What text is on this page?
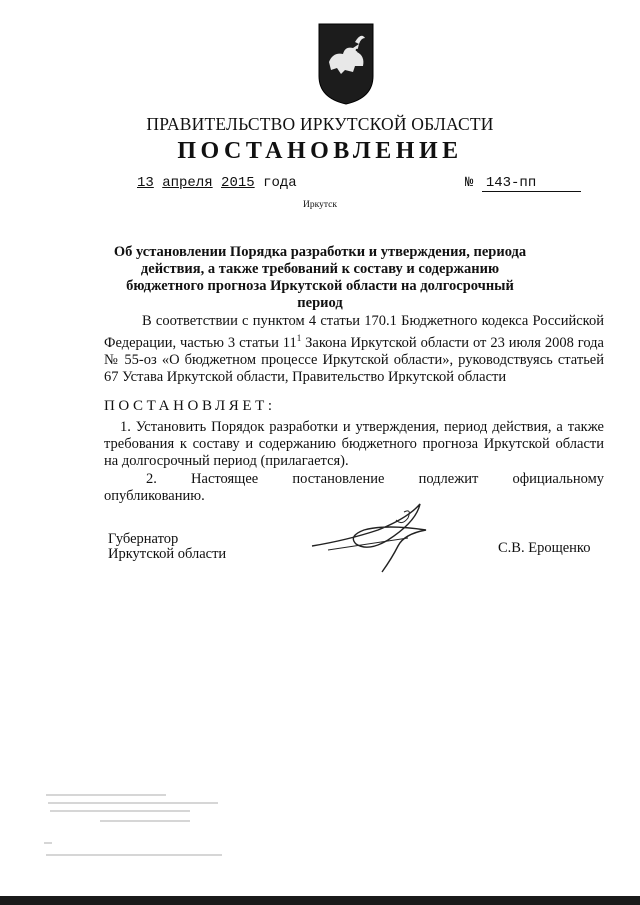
ПРАВИТЕЛЬСТВО ИРКУТСКОЙ ОБЛАСТИ
ПОСТАНОВЛЕНИЕ
13 апреля 2015 года	№ 143-пп
Иркутск
Об установлении Порядка разработки и утверждения, периода действия, а также требований к составу и содержанию бюджетного прогноза Иркутской области на долгосрочный период
В соответствии с пунктом 4 статьи 170.1 Бюджетного кодекса Российской Федерации, частью 3 статьи $11^1$ Закона Иркутской области от 23 июля 2008 года № 55-оз «О бюджетном процессе Иркутской области», руководствуясь статьей 67 Устава Иркутской области, Правительство Иркутской области
ПОСТАНОВЛЯЕТ:
1. Установить Порядок разработки и утверждения, период действия, а также требования к составу и содержанию бюджетного прогноза Иркутской области на долгосрочный период (прилагается).
2. Настоящее постановление подлежит официальному
опубликованию.
Губернатор
Иркутской области	С.В. Ерощенко
